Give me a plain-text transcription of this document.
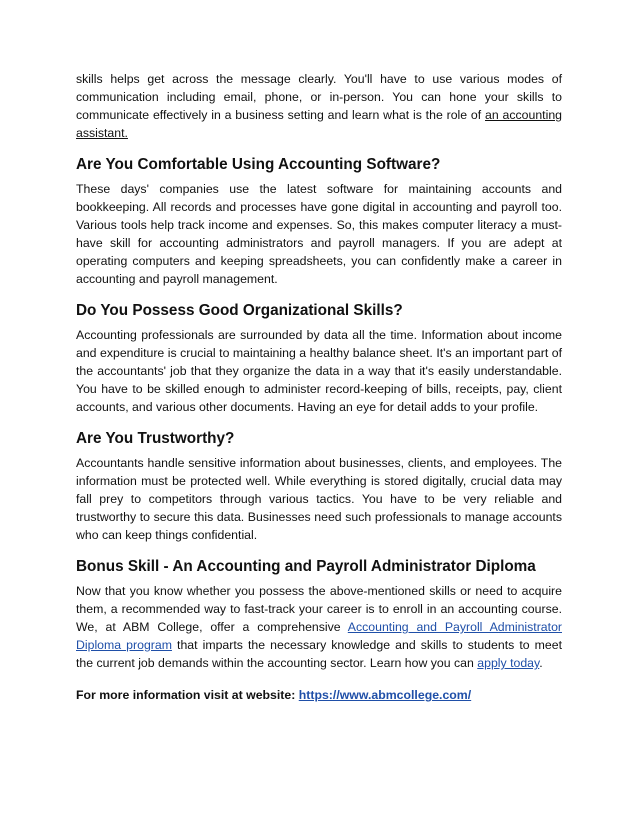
skills helps get across the message clearly. You'll have to use various modes of communication including email, phone, or in-person. You can hone your skills to communicate effectively in a business setting and learn what is the role of an accounting assistant.

Are You Comfortable Using Accounting Software?

These days' companies use the latest software for maintaining accounts and bookkeeping. All records and processes have gone digital in accounting and payroll too. Various tools help track income and expenses. So, this makes computer literacy a must-have skill for accounting administrators and payroll managers. If you are adept at operating computers and keeping spreadsheets, you can confidently make a career in accounting and payroll management.

Do You Possess Good Organizational Skills?

Accounting professionals are surrounded by data all the time. Information about income and expenditure is crucial to maintaining a healthy balance sheet. It's an important part of the accountants' job that they organize the data in a way that it's easily understandable. You have to be skilled enough to administer record-keeping of bills, receipts, pay, client accounts, and various other documents. Having an eye for detail adds to your profile.

Are You Trustworthy?

Accountants handle sensitive information about businesses, clients, and employees. The information must be protected well. While everything is stored digitally, crucial data may fall prey to competitors through various tactics. You have to be very reliable and trustworthy to secure this data. Businesses need such professionals to manage accounts who can keep things confidential.

Bonus Skill - An Accounting and Payroll Administrator Diploma

Now that you know whether you possess the above-mentioned skills or need to acquire them, a recommended way to fast-track your career is to enroll in an accounting course. We, at ABM College, offer a comprehensive Accounting and Payroll Administrator Diploma program that imparts the necessary knowledge and skills to students to meet the current job demands within the accounting sector. Learn how you can apply today.

For more information visit at website: https://www.abmcollege.com/
